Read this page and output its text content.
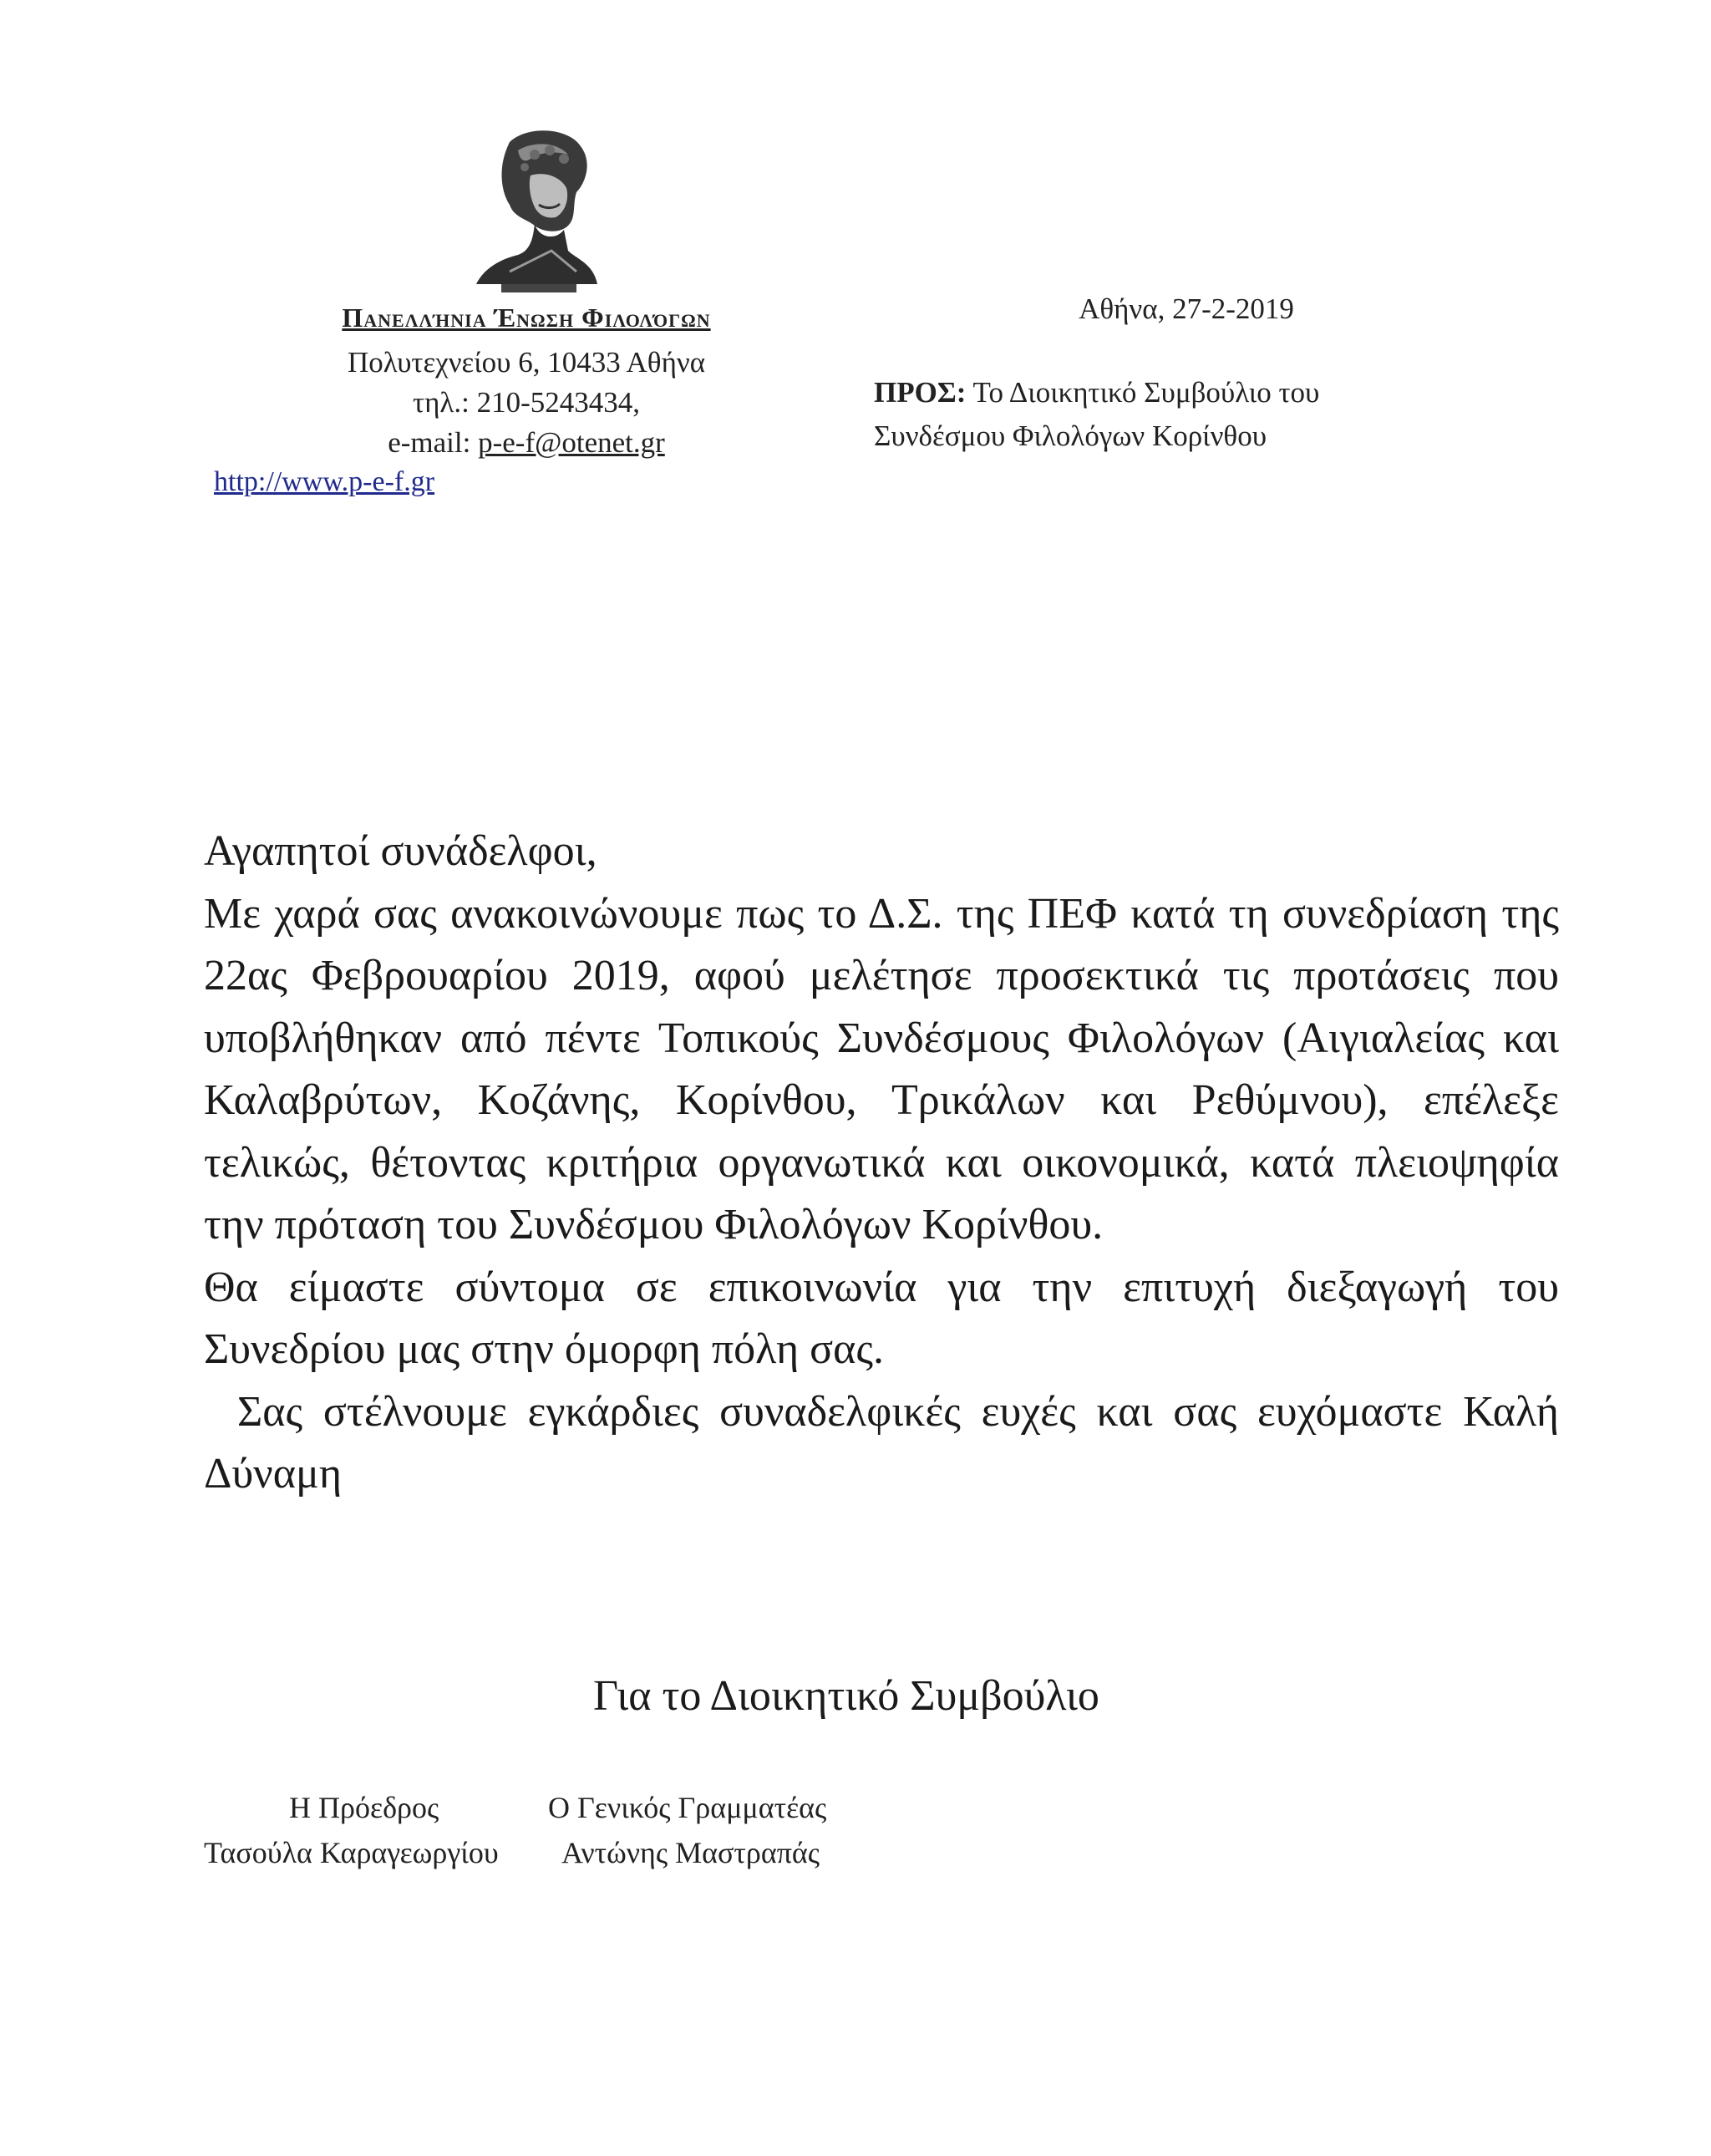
Πανελλήνια Ένωση Φιλολόγων
Πολυτεχνείου 6, 10433 Αθήνα
τηλ.: 210-5243434,
e-mail: p-e-f@otenet.gr
http://www.p-e-f.gr
Αθήνα, 27-2-2019
ΠΡΟΣ: Το Διοικητικό Συμβούλιο του
Συνδέσμου Φιλολόγων Κορίνθου

Αγαπητοί συνάδελφοι,

Με χαρά σας ανακοινώνουμε πως το Δ.Σ. της ΠΕΦ κατά τη συνεδρίαση της 22ας Φεβρουαρίου 2019, αφού μελέτησε προσεκτικά τις προτάσεις που υποβλήθηκαν από πέντε Τοπικούς Συνδέσμους Φιλολόγων (Αιγιαλείας και Καλαβρύτων, Κοζάνης, Κορίνθου, Τρικάλων και Ρεθύμνου), επέλεξε τελικώς, θέτοντας κριτήρια οργανωτικά και οικονομικά, κατά πλειοψηφία την πρόταση του Συνδέσμου Φιλολόγων Κορίνθου.

Θα είμαστε σύντομα σε επικοινωνία για την επιτυχή διεξαγωγή του Συνεδρίου μας στην όμορφη πόλη σας.

Σας στέλνουμε εγκάρδιες συναδελφικές ευχές και σας ευχόμαστε Καλή Δύναμη

Για το Διοικητικό Συμβούλιο
Η Πρόεδρος	Ο Γενικός Γραμματέας
Τασούλα Καραγεωργίου Αντώνης Μαστραπάς
